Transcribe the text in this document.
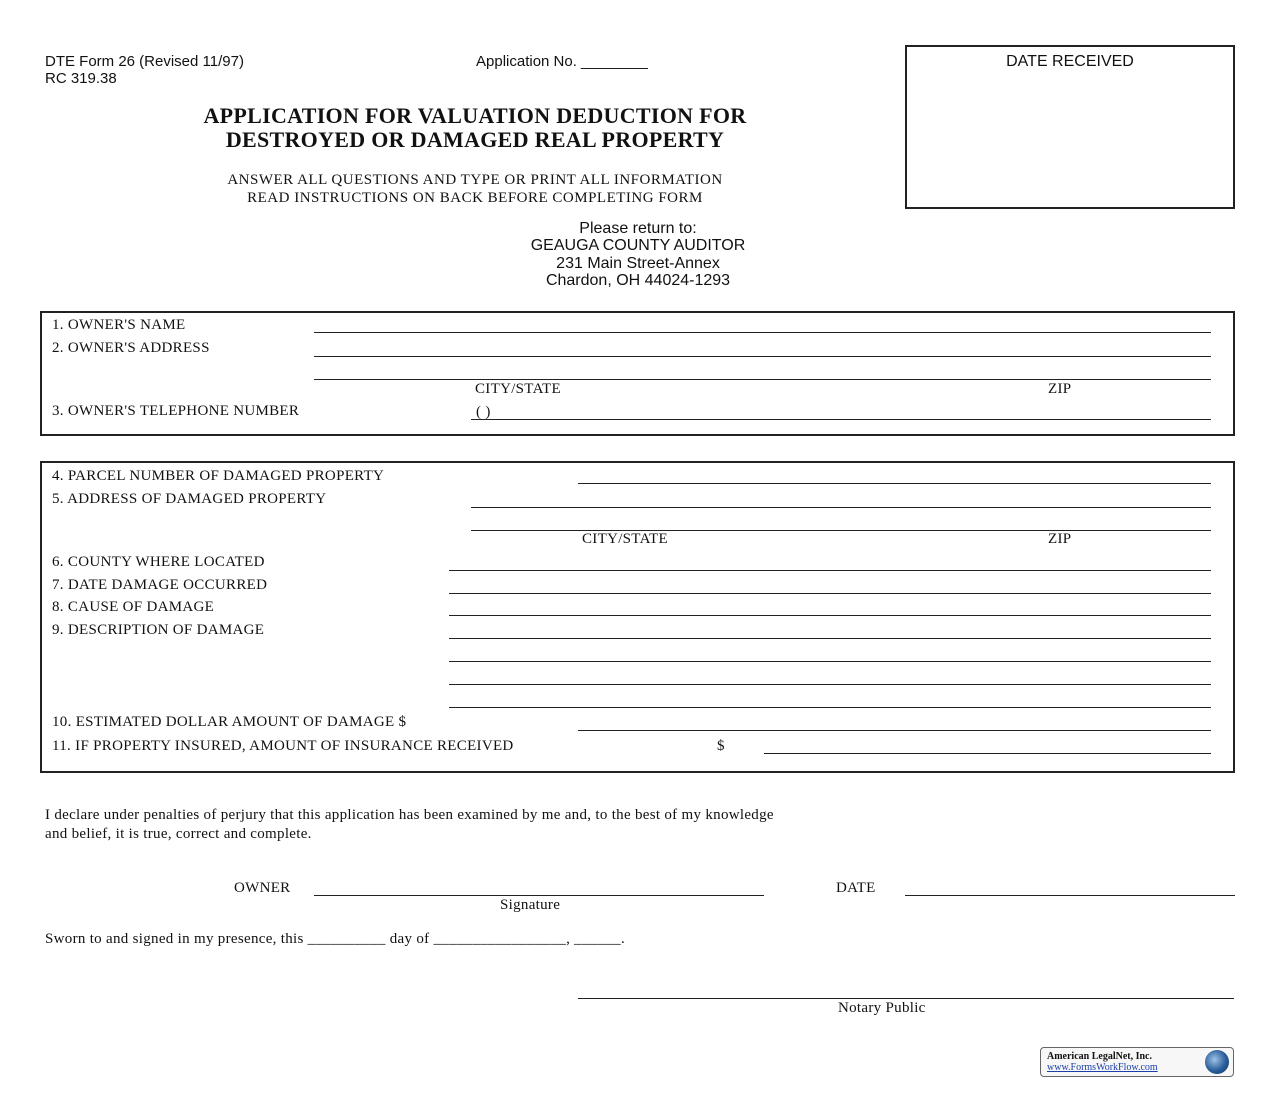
DTE Form 26 (Revised 11/97)
RC 319.38
Application No. ________	DATE RECEIVED
APPLICATION FOR VALUATION DEDUCTION FOR
DESTROYED OR DAMAGED REAL PROPERTY
ANSWER ALL QUESTIONS AND TYPE OR PRINT ALL INFORMATION
READ INSTRUCTIONS ON BACK BEFORE COMPLETING FORM
Please return to:
GEAUGA COUNTY AUDITOR
231 Main Street-Annex
Chardon, OH 44024-1293
1. OWNER'S NAME
2. OWNER'S ADDRESS
CITY/STATE	ZIP
3. OWNER'S TELEPHONE NUMBER	( )
4. PARCEL NUMBER OF DAMAGED PROPERTY
5. ADDRESS OF DAMAGED PROPERTY
CITY/STATE	ZIP
6. COUNTY WHERE LOCATED
7. DATE DAMAGE OCCURRED
8. CAUSE OF DAMAGE
9. DESCRIPTION OF DAMAGE
10. ESTIMATED DOLLAR AMOUNT OF DAMAGE $
11. IF PROPERTY INSURED, AMOUNT OF INSURANCE RECEIVED	$
I declare under penalties of perjury that this application has been examined by me and, to the best of my knowledge
and belief, it is true, correct and complete.
OWNER
Signature
DATE
Sworn to and signed in my presence, this __________ day of _________________, ______.
Notary Public
American LegalNet, Inc.
www.FormsWorkFlow.com
